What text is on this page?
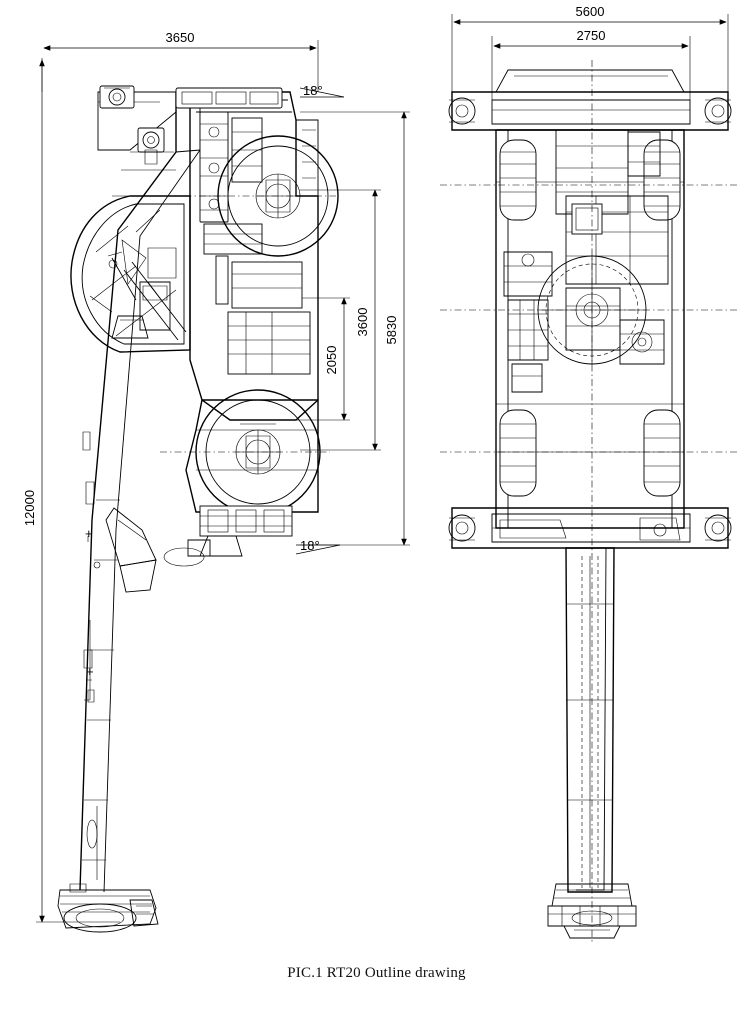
3650
12000
5830
3600
2050
18°
18°
+
+
5600
2750
PIC.1 RT20 Outline drawing
